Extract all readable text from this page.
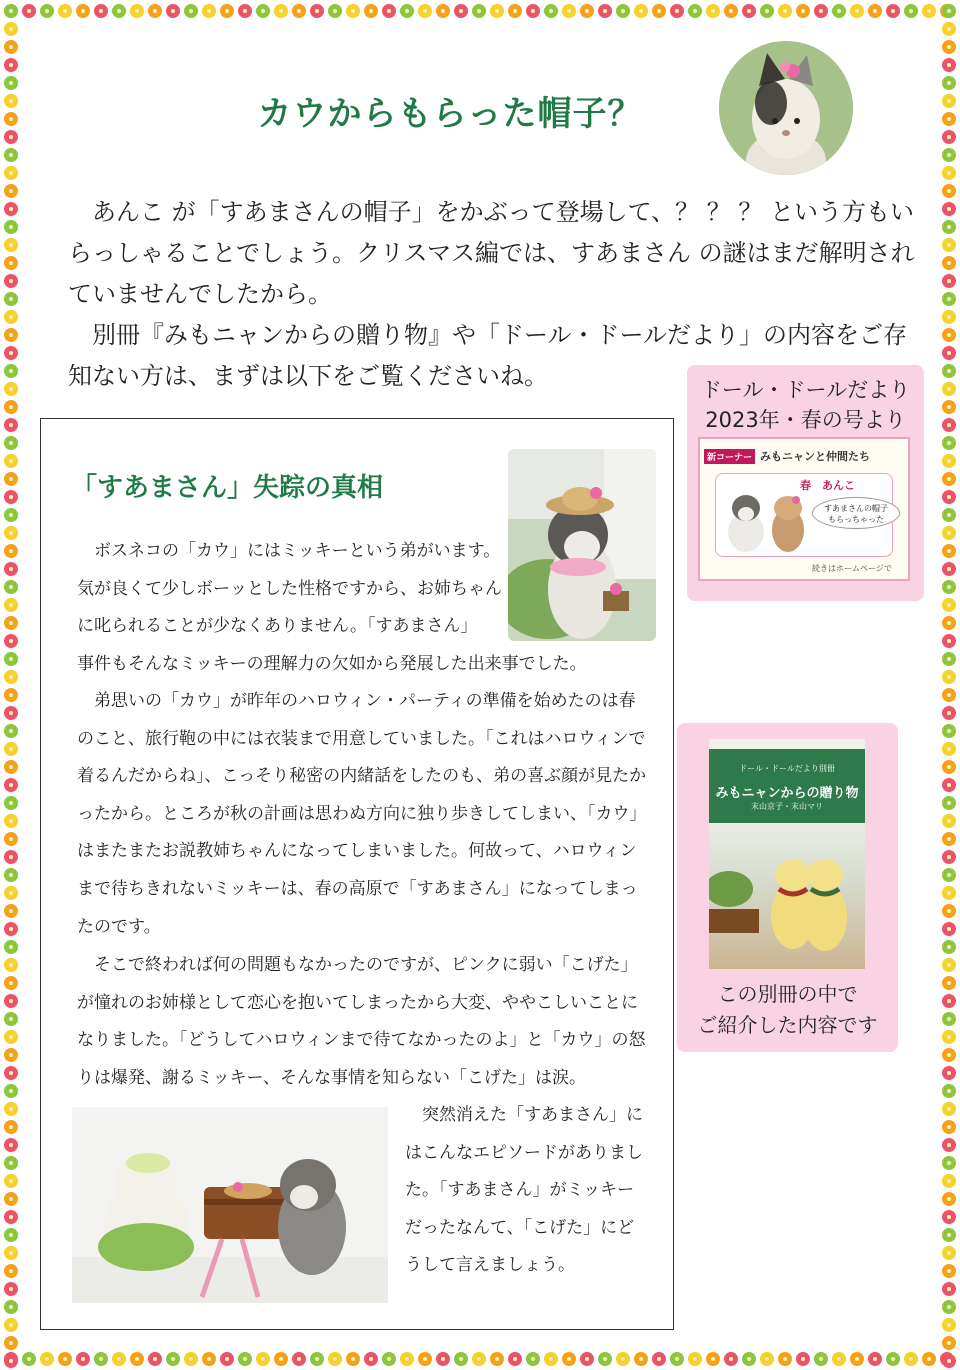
カウからもらった帽子？

あんこ が「すあまさんの帽子」をかぶって登場して、？ ？ ？ という方もいらっしゃることでしょう。クリスマス編では、すあまさん の謎はまだ解明されていませんでしたから。

別冊『みもニャンからの贈り物』や「ドール・ドールだより」の内容をご存知ない方は、まずは以下をご覧くださいね。

「すあまさん」失踪の真相

ボスネコの「カウ」にはミッキーという弟がいます。気が良くて少しボーッとした性格ですから、お姉ちゃんに叱られることが少なくありません。「すあまさん」

事件もそんなミッキーの理解力の欠如から発展した出来事でした。

弟思いの「カウ」が昨年のハロウィン・パーティの準備を始めたのは春のこと、旅行鞄の中には衣装まで用意していました。「これはハロウィンで着るんだからね」、こっそり秘密の内緒話をしたのも、弟の喜ぶ顔が見たかったから。ところが秋の計画は思わぬ方向に独り歩きしてしまい、「カウ」はまたまたお説教姉ちゃんになってしまいました。何故って、ハロウィンまで待ちきれないミッキーは、春の高原で「すあまさん」になってしまったのです。

そこで終われば何の問題もなかったのですが、ピンクに弱い「こげた」が憧れのお姉様として恋心を抱いてしまったから大変、ややこしいことになりました。「どうしてハロウィンまで待てなかったのよ」と「カウ」の怒りは爆発、謝るミッキー、そんな事情を知らない「こげた」は涙。

突然消えた「すあまさん」にはこんなエピソードがありました。「すあまさん」がミッキーだったなんて、「こげた」にどうして言えましょう。

ドール・ドールだより
2023年・春の号より
新コーナー みもニャンと仲間たち
春　あんこ
すあまさんの帽子
もらっちゃった
続きはホームページで
ドール・ドールだより別冊
みもニャンからの贈り物
末山京子・末山マリ
この別冊の中で
ご紹介した内容です
